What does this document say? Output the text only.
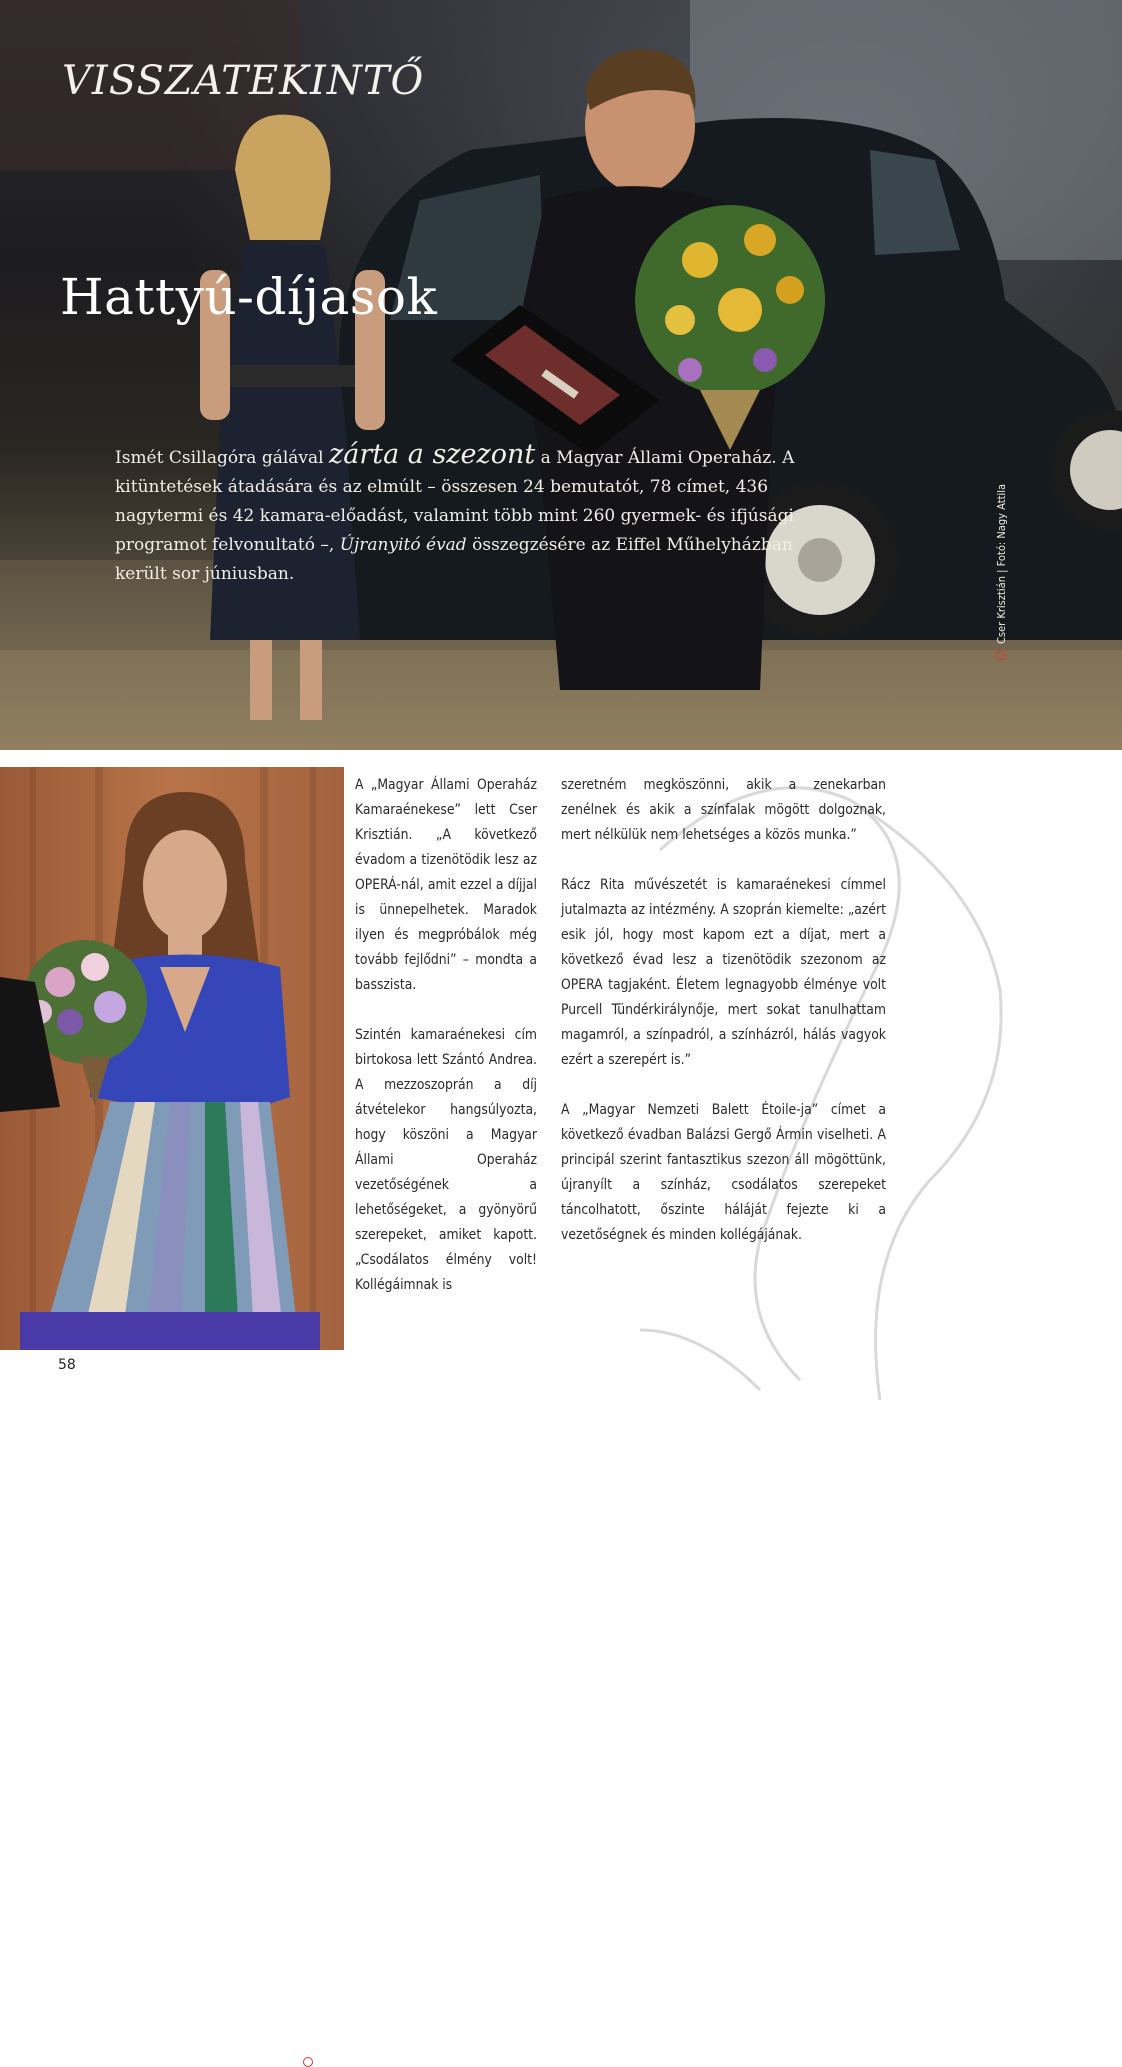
VISSZATEKINTŐ
Hattyú-díjasok

Ismét Csillagóra gálával zárta a szezont a Magyar Állami Operaház. A kitüntetések átadására és az elmúlt – összesen 24 bemutatót, 78 címet, 436 nagytermi és 42 kamara-előadást, valamint több mint 260 gyermek- és ifjúsági programot felvonultató –, Újranyitó évad összegzésére az Eiffel Műhelyházban került sor júniusban.	Cser Krisztián | Fotó: Nagy Attila
Rácz Rita | Fotó: Nagy Attila

A „Magyar Állami Operaház Kamaraénekese” lett Cser Krisztián. „A következő évadom a tizenötödik lesz az OPERÁ-nál, amit ezzel a díjjal is ünnepelhetek. Maradok ilyen és megpróbálok még tovább fejlődni” – mondta a basszista.

Szintén kamaraénekesi cím birtokosa lett Szántó Andrea. A mezzoszoprán a díj átvételekor hangsúlyozta, hogy köszöni a Magyar Állami Operaház vezetőségének a lehetőségeket, a gyönyörű szerepeket, amiket kapott. „Csodálatos élmény volt! Kollégáimnak is

szeretném megköszönni, akik a zenekarban zenélnek és akik a színfalak mögött dolgoznak, mert nélkülük nem lehetséges a közös munka.”

Rácz Rita művészetét is kamaraénekesi címmel jutalmazta az intézmény. A szoprán kiemelte: „azért esik jól, hogy most kapom ezt a díjat, mert a következő évad lesz a tizenötödik szezonom az OPERA tagjaként. Életem legnagyobb élménye volt Purcell Tündérkirálynője, mert sokat tanulhattam magamról, a színpadról, a színházról, hálás vagyok ezért a szerepért is.”

A „Magyar Nemzeti Balett Étoile-ja” címet a következő évadban Balázsi Gergő Ármin viselheti. A principál szerint fantasztikus szezon áll mögöttünk, újranyílt a színház, csodálatos szerepeket táncolhatott, őszinte háláját fejezte ki a vezetőségnek és minden kollégájának.

58
